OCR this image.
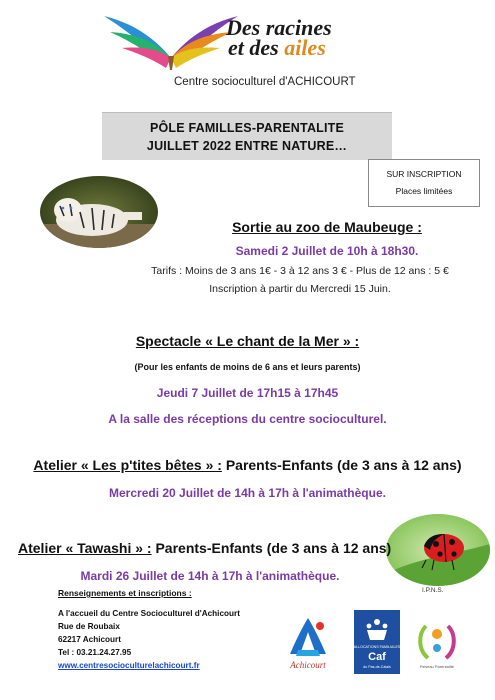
Des racines
et des ailes
Centre socioculturel d'ACHICOURT
PÔLE FAMILLES-PARENTALITE
JUILLET 2022 ENTRE NATURE…
SUR INSCRIPTION
Places limitées
Sortie au zoo de Maubeuge :
Samedi 2 Juillet de 10h à 18h30.
Tarifs : Moins de 3 ans 1€ - 3 à 12 ans 3 € - Plus de 12 ans : 5 €
Inscription à partir du Mercredi 15 Juin.
Spectacle « Le chant de la Mer » :
(Pour les enfants de moins de 6 ans et leurs parents)
Jeudi 7 Juillet de 17h15 à 17h45
A la salle des réceptions du centre socioculturel.
Atelier « Les p'tites bêtes » : Parents-Enfants (de 3 ans à 12 ans)
Mercredi 20 Juillet de 14h à 17h à l'animathèque.
I.P.N.S.
Atelier « Tawashi » : Parents-Enfants (de 3 ans à 12 ans)
Mardi 26 Juillet de 14h à 17h à l'animathèque.
Renseignements et inscriptions :
A l'accueil du Centre Socioculturel d'Achicourt
Rue de Roubaix
62217 Achicourt
Tel : 03.21.24.27.95
www.centresocioculturelachicourt.fr	Achicourt
ALLOCATIONS FAMILIALES
Caf
du Pas-de-Calais	Reseau Parentalité
